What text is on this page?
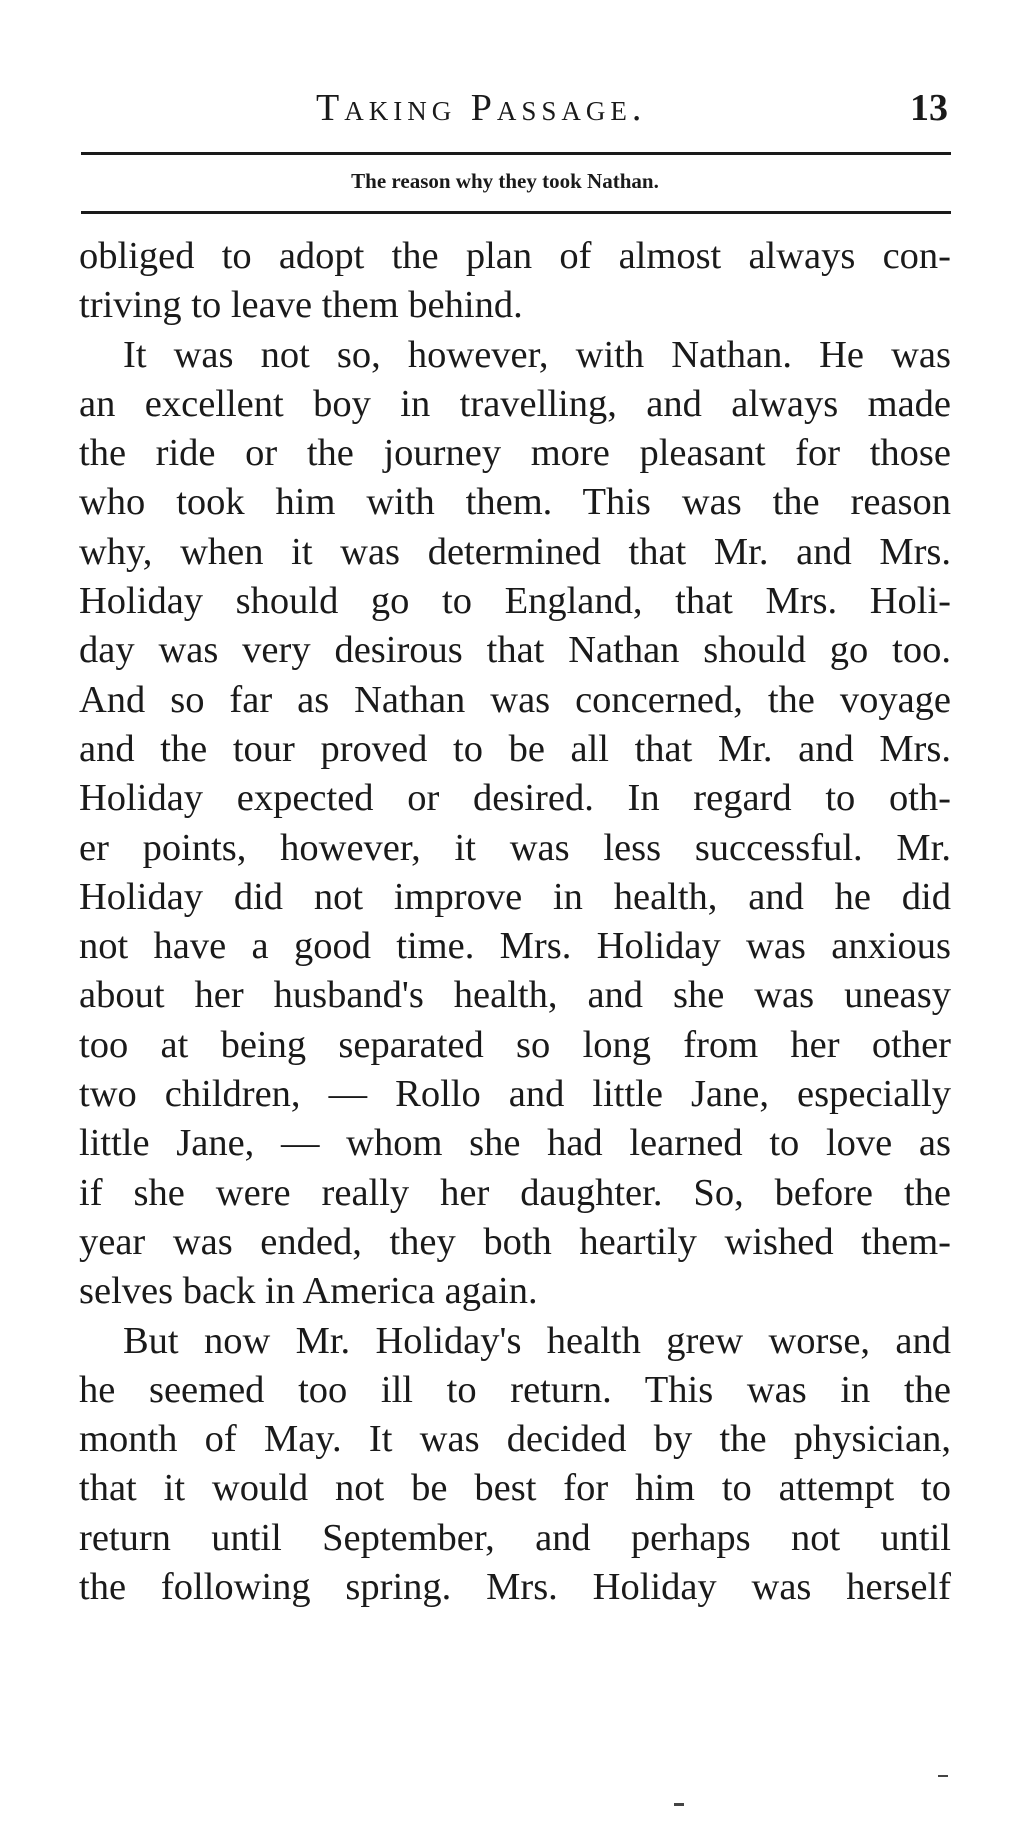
Taking Passage.	13
The reason why they took Nathan.
obliged to adopt the plan of almost always con-
triving to leave them behind.
It was not so, however, with Nathan. He was
an excellent boy in travelling, and always made
the ride or the journey more pleasant for those
who took him with them. This was the reason
why, when it was determined that Mr. and Mrs.
Holiday should go to England, that Mrs. Holi-
day was very desirous that Nathan should go too.
And so far as Nathan was concerned, the voyage
and the tour proved to be all that Mr. and Mrs.
Holiday expected or desired. In regard to oth-
er points, however, it was less successful. Mr.
Holiday did not improve in health, and he did
not have a good time. Mrs. Holiday was anxious
about her husband's health, and she was uneasy
too at being separated so long from her other
two children, — Rollo and little Jane, especially
little Jane, — whom she had learned to love as
if she were really her daughter. So, before the
year was ended, they both heartily wished them-
selves back in America again.
But now Mr. Holiday's health grew worse, and
he seemed too ill to return. This was in the
month of May. It was decided by the physician,
that it would not be best for him to attempt to
return until September, and perhaps not until
the following spring. Mrs. Holiday was herself
